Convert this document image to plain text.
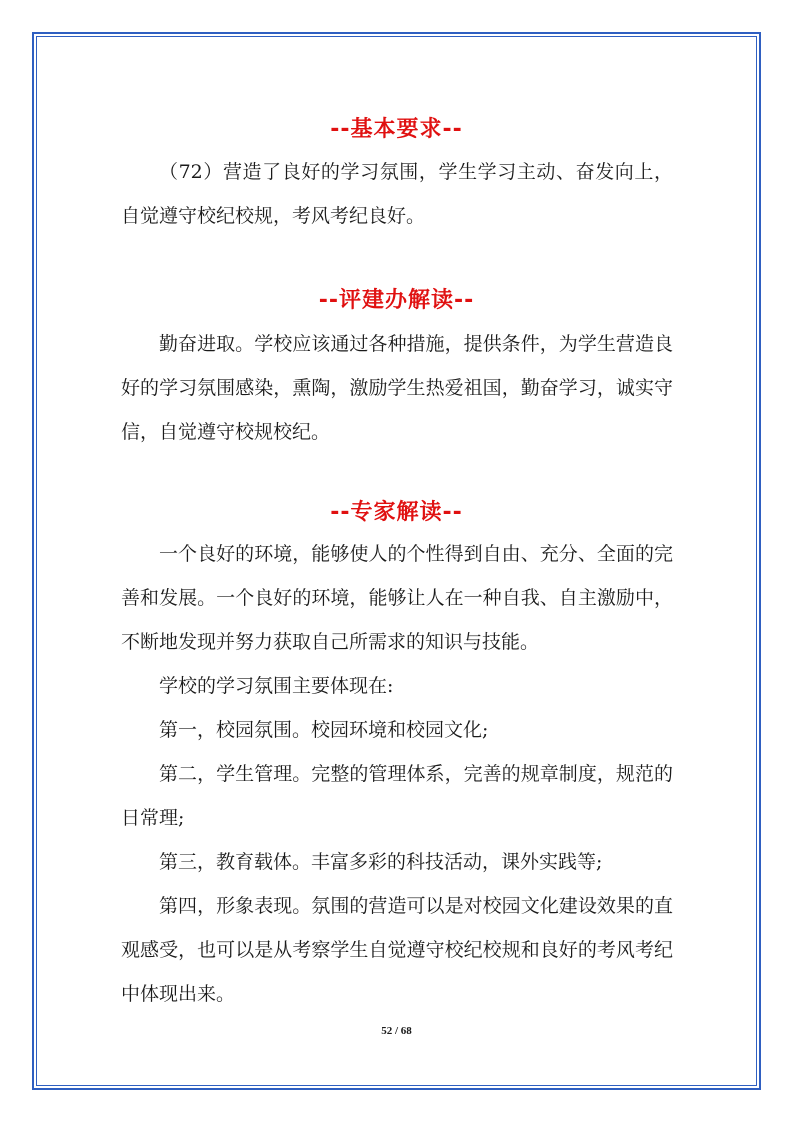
--基本要求--

（72）营造了良好的学习氛围，学生学习主动、奋发向上，自觉遵守校纪校规，考风考纪良好。

--评建办解读--

勤奋进取。学校应该通过各种措施，提供条件，为学生营造良好的学习氛围感染，熏陶，激励学生热爱祖国，勤奋学习，诚实守信，自觉遵守校规校纪。

--专家解读--

一个良好的环境，能够使人的个性得到自由、充分、全面的完善和发展。一个良好的环境，能够让人在一种自我、自主激励中，不断地发现并努力获取自己所需求的知识与技能。

学校的学习氛围主要体现在:

第一，校园氛围。校园环境和校园文化;

第二，学生管理。完整的管理体系，完善的规章制度，规范的日常理;

第三，教育载体。丰富多彩的科技活动，课外实践等;

第四，形象表现。氛围的营造可以是对校园文化建设效果的直观感受，也可以是从考察学生自觉遵守校纪校规和良好的考风考纪中体现出来。

52 / 68
